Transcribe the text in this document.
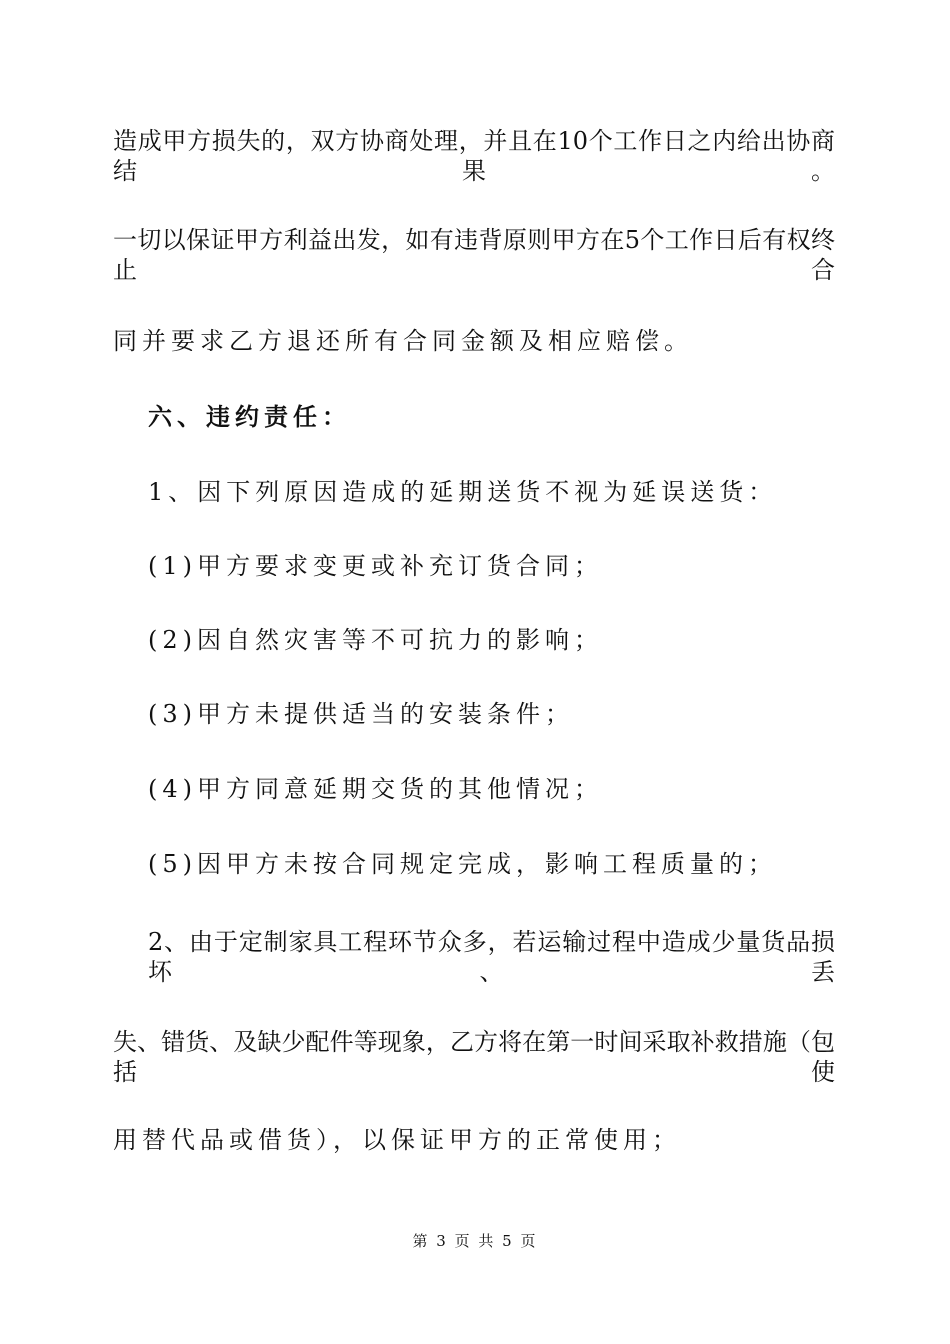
造成甲方损失的，双方协商处理，并且在10个工作日之内给出协商结果。
一切以保证甲方利益出发，如有违背原则甲方在5个工作日后有权终止合
同并要求乙方退还所有合同金额及相应赔偿。
六、违约责任：
1、因下列原因造成的延期送货不视为延误送货：
(1)甲方要求变更或补充订货合同；
(2)因自然灾害等不可抗力的影响；
(3)甲方未提供适当的安装条件；
(4)甲方同意延期交货的其他情况；
(5)因甲方未按合同规定完成，影响工程质量的；
2、由于定制家具工程环节众多，若运输过程中造成少量货品损坏、丢
失、错货、及缺少配件等现象，乙方将在第一时间采取补救措施（包括使
用替代品或借货），以保证甲方的正常使用；
第 3 页 共 5 页
